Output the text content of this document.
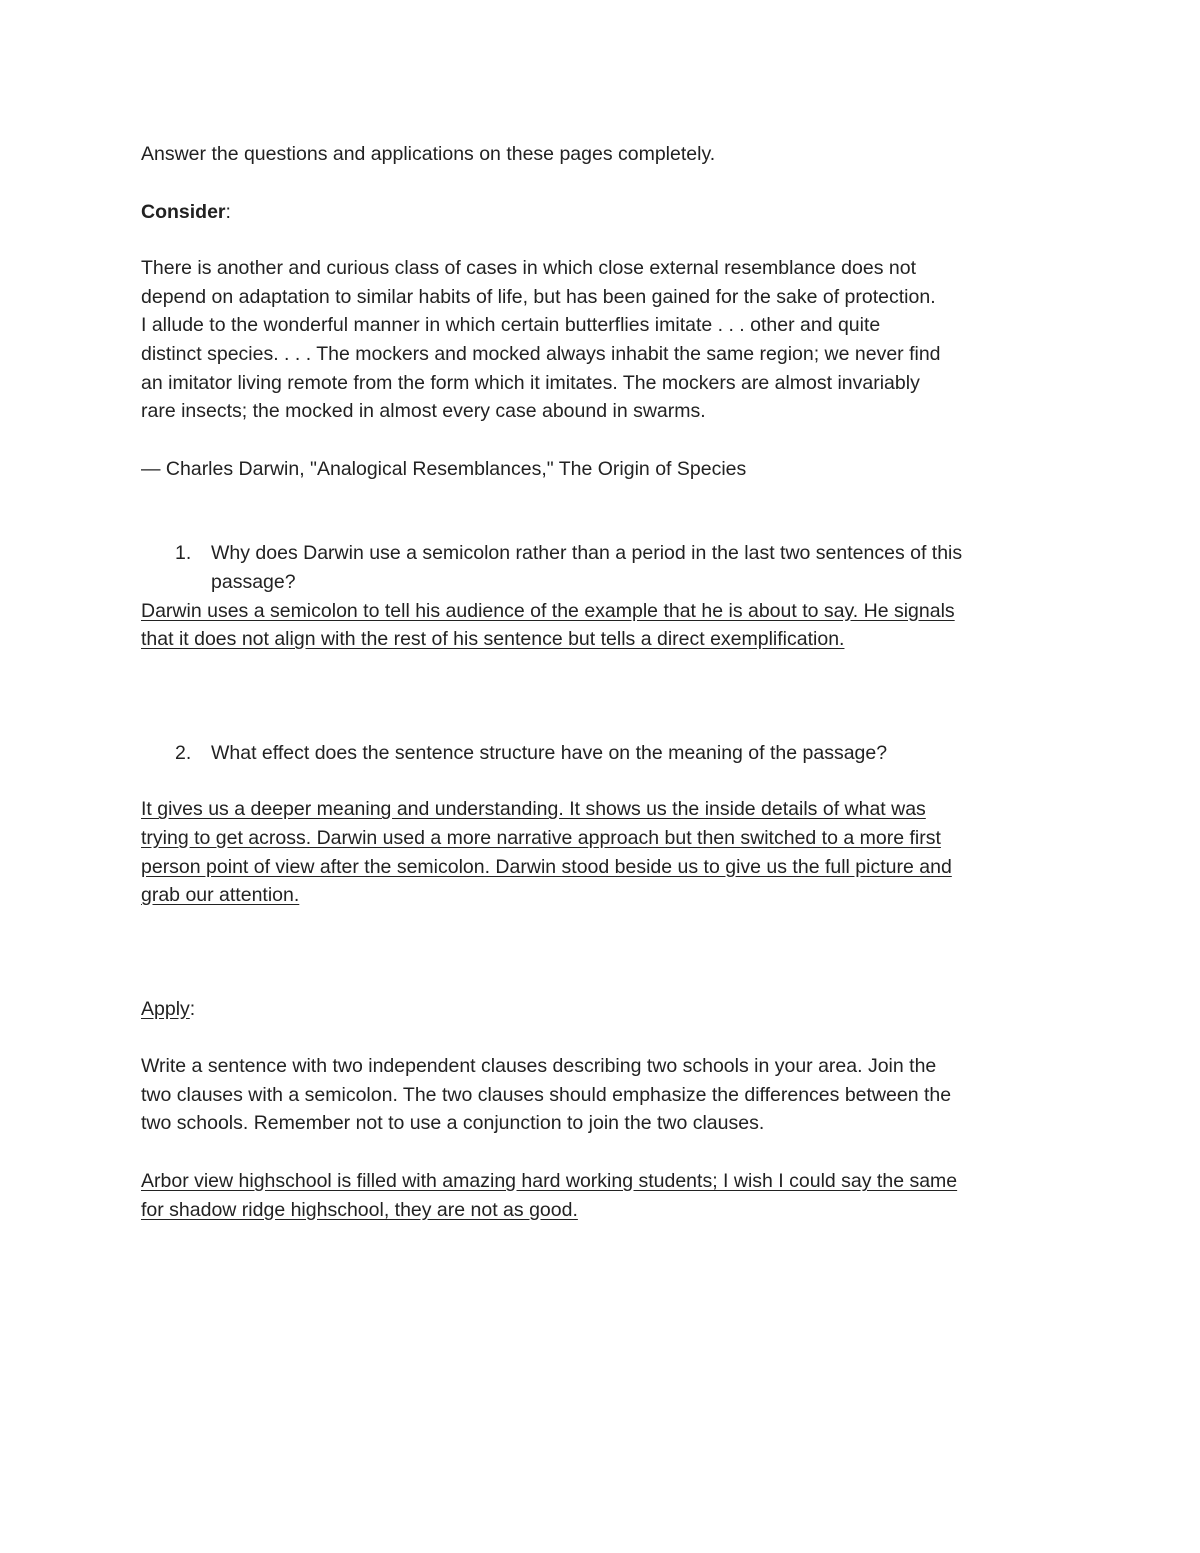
Answer the questions and applications on these pages completely.

Consider:

There is another and curious class of cases in which close external resemblance does not
depend on adaptation to similar habits of life, but has been gained for the sake of protection.
I allude to the wonderful manner in which certain butterflies imitate . . . other and quite
distinct species. . . . The mockers and mocked always inhabit the same region; we never find
an imitator living remote from the form which it imitates. The mockers are almost invariably
rare insects; the mocked in almost every case abound in swarms.

— Charles Darwin, "Analogical Resemblances," The Origin of Species

1. Why does Darwin use a semicolon rather than a period in the last two sentences of this
passage?

Darwin uses a semicolon to tell his audience of the example that he is about to say. He signals
that it does not align with the rest of his sentence but tells a direct exemplification.

2. What effect does the sentence structure have on the meaning of the passage?

It gives us a deeper meaning and understanding. It shows us the inside details of what was
trying to get across. Darwin used a more narrative approach but then switched to a more first
person point of view after the semicolon. Darwin stood beside us to give us the full picture and
grab our attention.

Apply:

Write a sentence with two independent clauses describing two schools in your area. Join the
two clauses with a semicolon. The two clauses should emphasize the differences between the
two schools. Remember not to use a conjunction to join the two clauses.

Arbor view highschool is filled with amazing hard working students; I wish I could say the same
for shadow ridge highschool, they are not as good.
